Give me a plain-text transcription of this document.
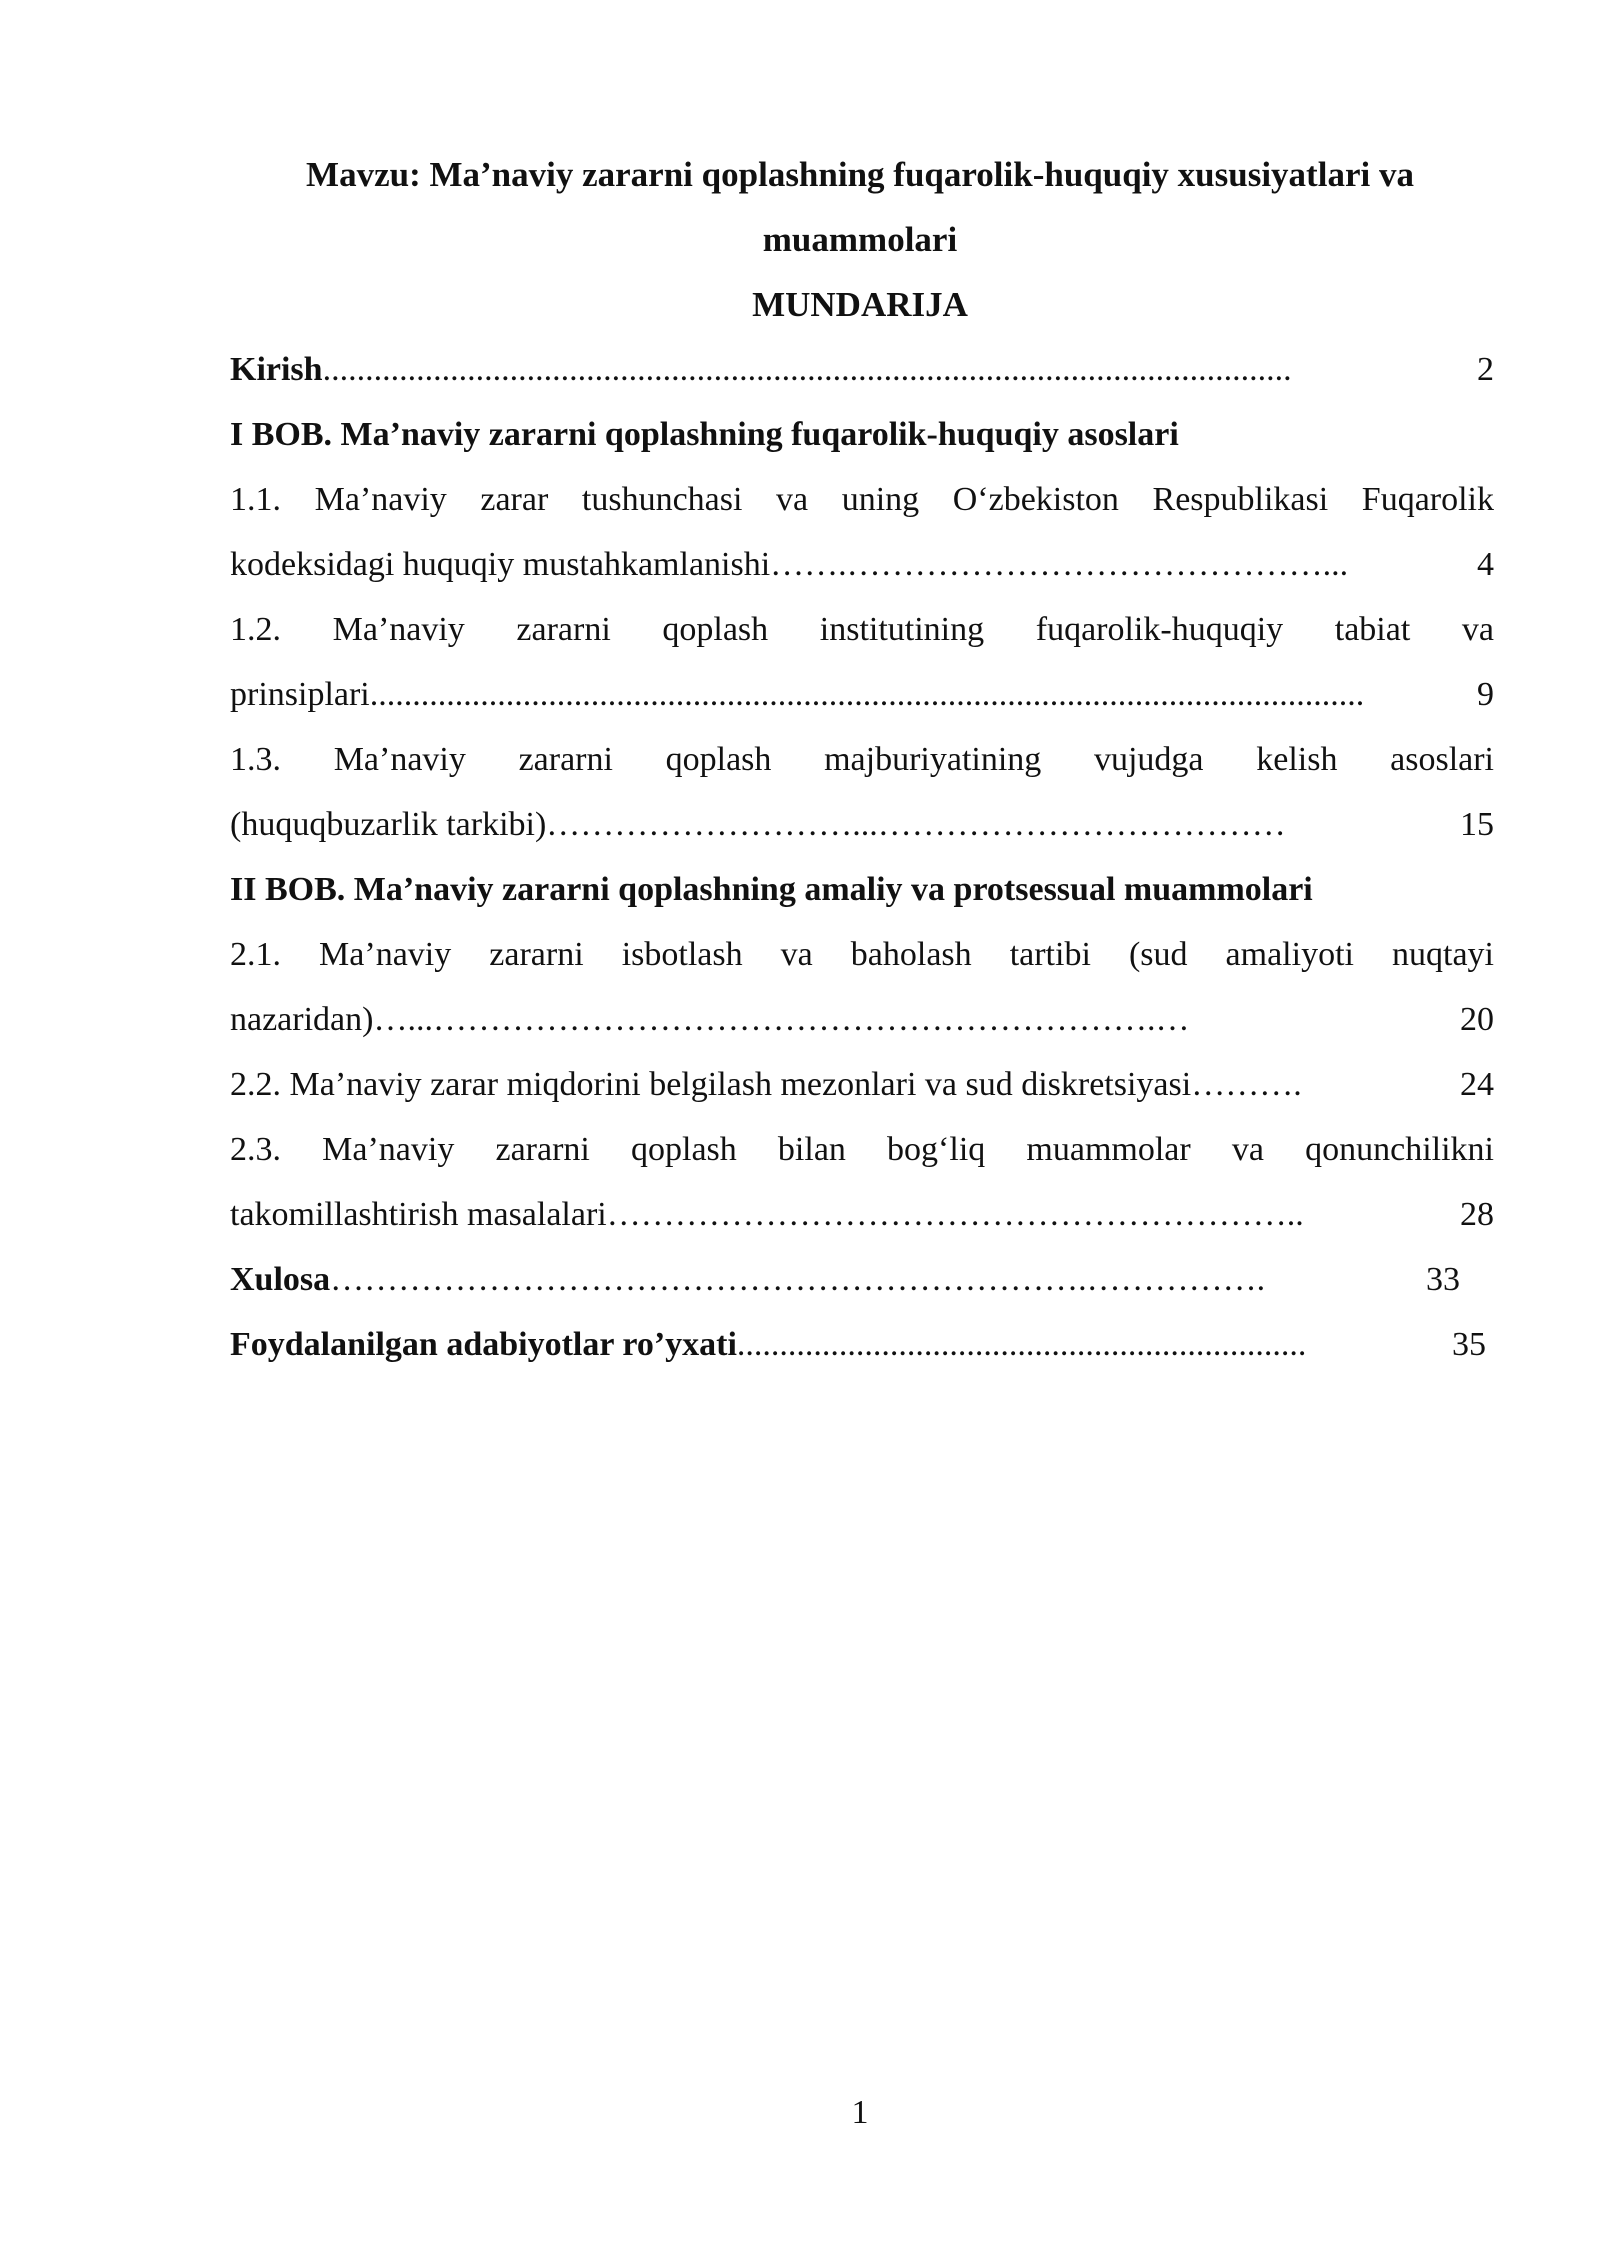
Mavzu: Ma’naviy zararni qoplashning fuqarolik-huquqiy xususiyatlari va
muammolari
MUNDARIJA
Kirish ..................................................................................................................	2
I BOB. Ma’naviy zararni qoplashning fuqarolik-huquqiy asoslari
1.1. Ma’naviy zarar tushunchasi va uning O‘zbekiston Respublikasi Fuqarolik
kodeksidagi huquqiy mustahkamlanishi …….……………………………………...	4
1.2. Ma’naviy zararni qoplash institutining fuqarolik-huquqiy tabiat va
prinsiplari .....................................................................................................................	9
1.3. Ma’naviy zararni qoplash majburiyatining vujudga kelish asoslari
(huquqbuzarlik tarkibi) ………………………...………………………………	15
II BOB. Ma’naviy zararni qoplashning amaliy va protsessual muammolari
2.1. Ma’naviy zararni isbotlash va baholash tartibi (sud amaliyoti nuqtayi
nazaridan) …...……………………………………………………….…	20
2.2. Ma’naviy zarar miqdorini belgilash mezonlari va sud diskretsiyasi ……….	24
2.3. Ma’naviy zararni qoplash bilan bog‘liq muammolar va qonunchilikni
takomillashtirish masalalari ……………………………………………………..	28
Xulosa ………………………………………………………….…………….	33
Foydalanilgan adabiyotlar ro’yxati ...................................................................	35
1
